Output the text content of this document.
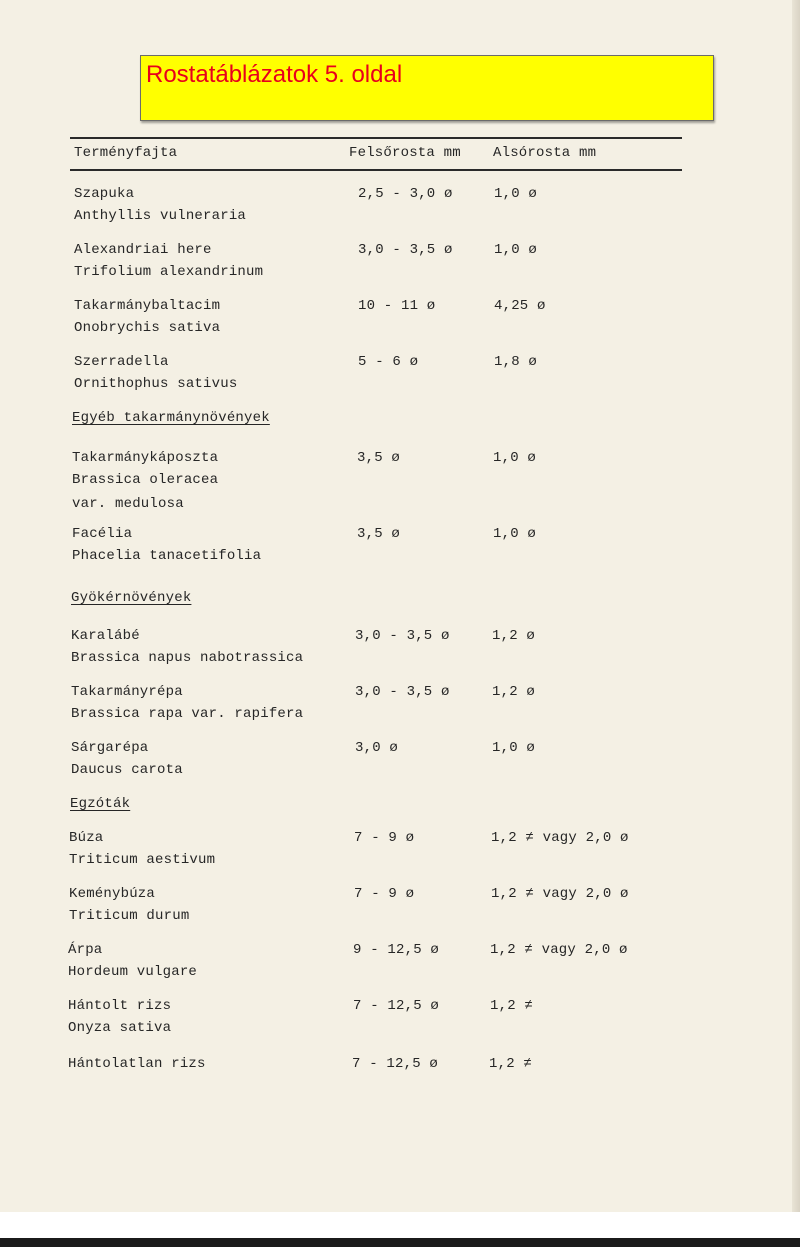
Rostatáblázatok 5. oldal
Terményfajta	Felsőrosta mm Alsórosta mm
Szapuka
Anthyllis vulneraria
2,5 - 3,0 ø	1,0 ø
Alexandriai here
Trifolium alexandrinum
3,0 - 3,5 ø	1,0 ø
Takarmánybaltacim
Onobrychis sativa
10 - 11 ø	4,25 ø
Szerradella
Ornithophus sativus
5 - 6 ø	1,8 ø
Egyéb takarmánynövények
Takarmánykáposzta
Brassica oleracea
var. medulosa
3,5 ø	1,0 ø
Facélia
Phacelia tanacetifolia
3,5 ø	1,0 ø
Gyökérnövények
Karalábé
Brassica napus nabotrassica
3,0 - 3,5 ø	1,2 ø
Takarmányrépa
Brassica rapa var. rapifera
3,0 - 3,5 ø	1,2 ø
Sárgarépa
Daucus carota
3,0 ø	1,0 ø
Egzóták
Búza
Triticum aestivum
7 - 9 ø	1,2 ≠ vagy 2,0 ø
Keménybúza
Triticum durum
7 - 9 ø	1,2 ≠ vagy 2,0 ø
Árpa
Hordeum vulgare
9 - 12,5 ø	1,2 ≠ vagy 2,0 ø
Hántolt rizs
Onyza sativa
7 - 12,5 ø	1,2 ≠
Hántolatlan rizs	7 - 12,5 ø	1,2 ≠
